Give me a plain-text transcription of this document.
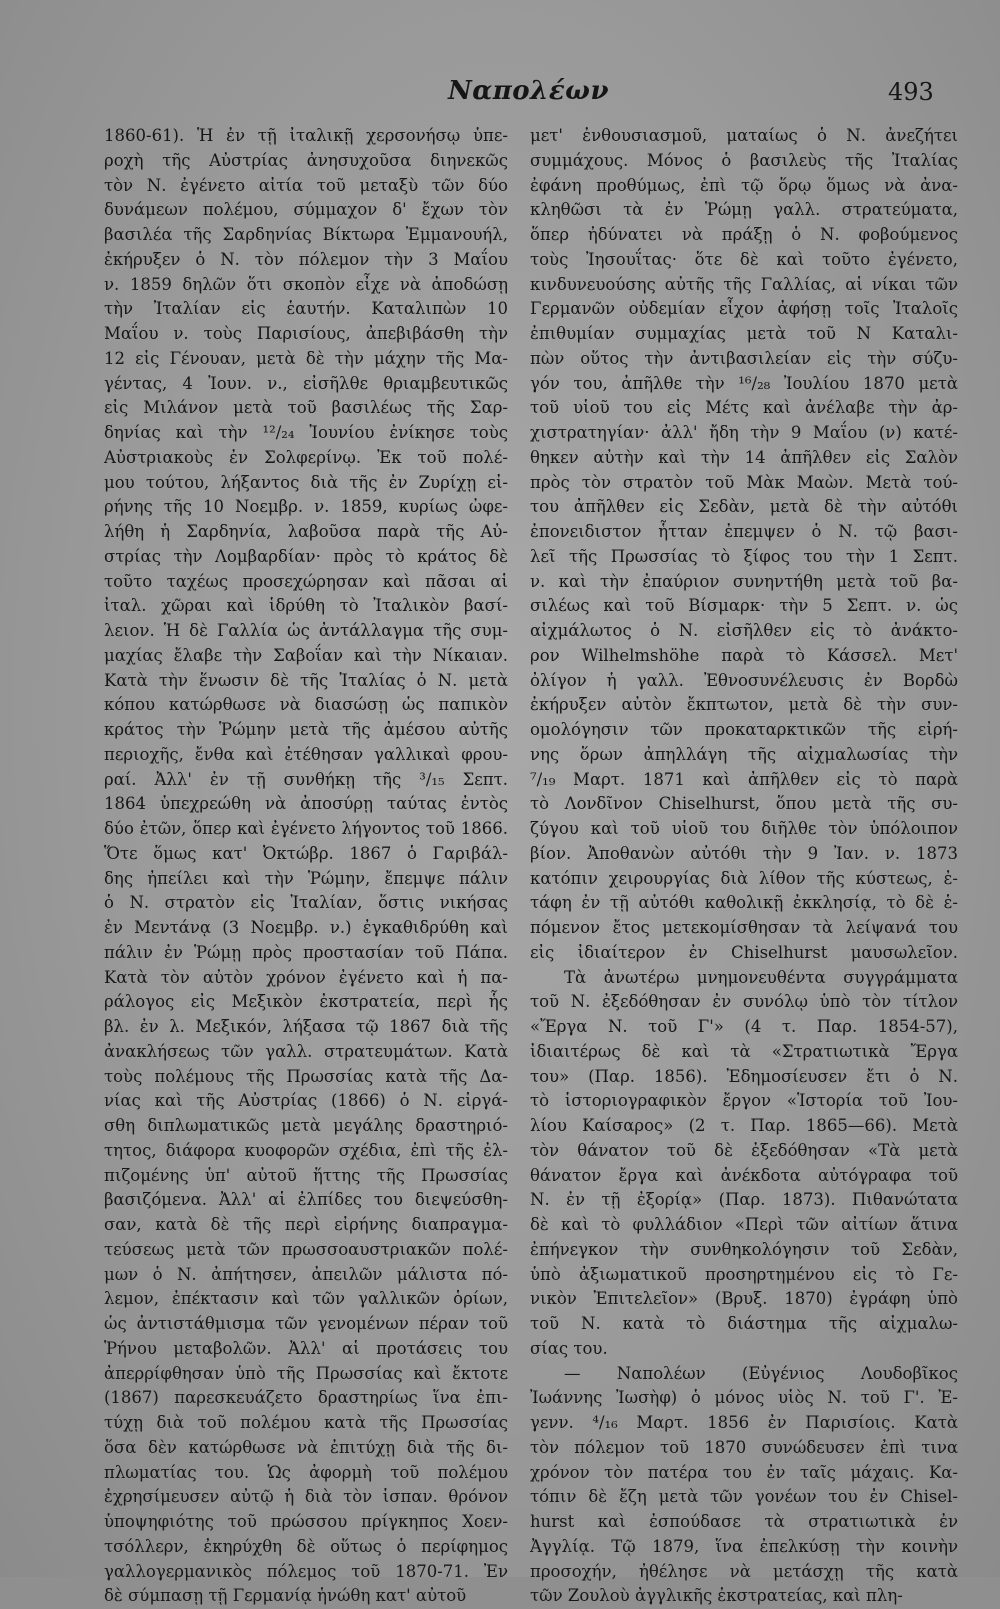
Ναπολέων	493
1860-61). Ἡ ἐν τῇ ἰταλικῇ χερσονήσῳ ὑπε-
ροχὴ τῆς Αὐστρίας ἀνησυχοῦσα διηνεκῶς
τὸν Ν. ἐγένετο αἰτία τοῦ μεταξὺ τῶν δύο
δυνάμεων πολέμου, σύμμαχον δ' ἔχων τὸν
βασιλέα τῆς Σαρδηνίας Βίκτωρα Ἐμμανουήλ,
ἐκήρυξεν ὁ Ν. τὸν πόλεμον τὴν 3 Μαΐου
ν. 1859 δηλῶν ὅτι σκοπὸν εἶχε νὰ ἀποδώσῃ
τὴν Ἰταλίαν εἰς ἑαυτήν. Καταλιπὼν 10
Μαΐου ν. τοὺς Παρισίους, ἀπεβιβάσθη τὴν
12 εἰς Γένουαν, μετὰ δὲ τὴν μάχην τῆς Μα-
γέντας, 4 Ἰουν. ν., εἰσῆλθε θριαμβευτικῶς
εἰς Μιλάνον μετὰ τοῦ βασιλέως τῆς Σαρ-
δηνίας καὶ τὴν ¹²/₂₄ Ἰουνίου ἐνίκησε τοὺς
Αὐστριακοὺς ἐν Σολφερίνῳ. Ἐκ τοῦ πολέ-
μου τούτου, λήξαντος διὰ τῆς ἐν Ζυρίχῃ εἰ-
ρήνης τῆς 10 Νοεμβρ. ν. 1859, κυρίως ὠφε-
λήθη ἡ Σαρδηνία, λαβοῦσα παρὰ τῆς Αὐ-
στρίας τὴν Λομβαρδίαν· πρὸς τὸ κράτος δὲ
τοῦτο ταχέως προσεχώρησαν καὶ πᾶσαι αἱ
ἰταλ. χῶραι καὶ ἱδρύθη τὸ Ἰταλικὸν βασί-
λειον. Ἡ δὲ Γαλλία ὡς ἀντάλλαγμα τῆς συμ-
μαχίας ἔλαβε τὴν Σαβοΐαν καὶ τὴν Νίκαιαν.
Κατὰ τὴν ἕνωσιν δὲ τῆς Ἰταλίας ὁ Ν. μετὰ
κόπου κατώρθωσε νὰ διασώσῃ ὡς παπικὸν
κράτος τὴν Ῥώμην μετὰ τῆς ἀμέσου αὐτῆς
περιοχῆς, ἔνθα καὶ ἐτέθησαν γαλλικαὶ φρου-
ραί. Ἀλλ' ἐν τῇ συνθήκῃ τῆς ³/₁₅ Σεπτ.
1864 ὑπεχρεώθη νὰ ἀποσύρῃ ταύτας ἐντὸς
δύο ἐτῶν, ὅπερ καὶ ἐγένετο λήγοντος τοῦ 1866.
Ὅτε ὅμως κατ' Ὀκτώβρ. 1867 ὁ Γαριβάλ-
δης ἠπείλει καὶ τὴν Ῥώμην, ἔπεμψε πάλιν
ὁ Ν. στρατὸν εἰς Ἰταλίαν, ὅστις νικήσας
ἐν Μεντάνᾳ (3 Νοεμβρ. ν.) ἐγκαθιδρύθη καὶ
πάλιν ἐν Ῥώμῃ πρὸς προστασίαν τοῦ Πάπα.
Κατὰ τὸν αὐτὸν χρόνον ἐγένετο καὶ ἡ πα-
ράλογος εἰς Μεξικὸν ἐκστρατεία, περὶ ἧς
βλ. ἐν λ. Μεξικόν, λήξασα τῷ 1867 διὰ τῆς
ἀνακλήσεως τῶν γαλλ. στρατευμάτων. Κατὰ
τοὺς πολέμους τῆς Πρωσσίας κατὰ τῆς Δα-
νίας καὶ τῆς Αὐστρίας (1866) ὁ Ν. εἰργά-
σθη διπλωματικῶς μετὰ μεγάλης δραστηριό-
τητος, διάφορα κυοφορῶν σχέδια, ἐπὶ τῆς ἐλ-
πιζομένης ὑπ' αὐτοῦ ἥττης τῆς Πρωσσίας
βασιζόμενα. Ἀλλ' αἱ ἐλπίδες του διεψεύσθη-
σαν, κατὰ δὲ τῆς περὶ εἰρήνης διαπραγμα-
τεύσεως μετὰ τῶν πρωσσοαυστριακῶν πολέ-
μων ὁ Ν. ἀπήτησεν, ἀπειλῶν μάλιστα πό-
λεμον, ἐπέκτασιν καὶ τῶν γαλλικῶν ὁρίων,
ὡς ἀντιστάθμισμα τῶν γενομένων πέραν τοῦ
Ῥήνου μεταβολῶν. Ἀλλ' αἱ προτάσεις του
ἀπερρίφθησαν ὑπὸ τῆς Πρωσσίας καὶ ἔκτοτε
(1867) παρεσκευάζετο δραστηρίως ἵνα ἐπι-
τύχῃ διὰ τοῦ πολέμου κατὰ τῆς Πρωσσίας
ὅσα δὲν κατώρθωσε νὰ ἐπιτύχῃ διὰ τῆς δι-
πλωματίας του. Ὡς ἀφορμὴ τοῦ πολέμου
ἐχρησίμευσεν αὐτῷ ἡ διὰ τὸν ἱσπαν. θρόνον
ὑποψηφιότης τοῦ πρώσσου πρίγκηπος Χοεν-
τσόλλερν, ἐκηρύχθη δὲ οὕτως ὁ περίφημος
γαλλογερμανικὸς πόλεμος τοῦ 1870-71. Ἐν
δὲ σύμπασῃ τῇ Γερμανίᾳ ἡνώθη κατ' αὐτοῦ
μετ' ἐνθουσιασμοῦ, ματαίως ὁ Ν. ἀνεζήτει
συμμάχους. Μόνος ὁ βασιλεὺς τῆς Ἰταλίας
ἐφάνη προθύμως, ἐπὶ τῷ ὅρῳ ὅμως νὰ ἀνα-
κληθῶσι τὰ ἐν Ῥώμῃ γαλλ. στρατεύματα,
ὅπερ ἠδύνατει νὰ πράξῃ ὁ Ν. φοβούμενος
τοὺς Ἰησουΐτας· ὅτε δὲ καὶ τοῦτο ἐγένετο,
κινδυνευούσης αὐτῆς τῆς Γαλλίας, αἱ νίκαι τῶν
Γερμανῶν οὐδεμίαν εἶχον ἀφήσῃ τοῖς Ἰταλοῖς
ἐπιθυμίαν συμμαχίας μετὰ τοῦ Ν Καταλι-
πὼν οὕτος τὴν ἀντιβασιλείαν εἰς τὴν σύζυ-
γόν του, ἀπῆλθε τὴν ¹⁶/₂₈ Ἰουλίου 1870 μετὰ
τοῦ υἱοῦ του εἰς Μέτς καὶ ἀνέλαβε τὴν ἀρ-
χιστρατηγίαν· ἀλλ' ἤδη τὴν 9 Μαΐου (ν) κατέ-
θηκεν αὐτὴν καὶ τὴν 14 ἀπῆλθεν εἰς Σαλὸν
πρὸς τὸν στρατὸν τοῦ Μὰκ Μαὼν. Μετὰ τού-
του ἀπῆλθεν εἰς Σεδὰν, μετὰ δὲ τὴν αὐτόθι
ἐπονειδιστον ἧτταν ἐπεμψεν ὁ Ν. τῷ βασι-
λεῖ τῆς Πρωσσίας τὸ ξίφος του τὴν 1 Σεπτ.
ν. καὶ τὴν ἐπαύριον συνηντήθη μετὰ τοῦ βα-
σιλέως καὶ τοῦ Βίσμαρκ· τὴν 5 Σεπτ. ν. ὡς
αἰχμάλωτος ὁ Ν. εἰσῆλθεν εἰς τὸ ἀνάκτο-
ρον Wilhelmshöhe παρὰ τὸ Κάσσελ. Μετ'
ὀλίγον ἡ γαλλ. Ἐθνοσυνέλευσις ἐν Βορδὼ
ἐκήρυξεν αὐτὸν ἔκπτωτον, μετὰ δὲ τὴν συν-
ομολόγησιν τῶν προκαταρκτικῶν τῆς εἰρή-
νης ὅρων ἀπηλλάγη τῆς αἰχμαλωσίας τὴν
⁷/₁₉ Μαρτ. 1871 καὶ ἀπῆλθεν εἰς τὸ παρὰ
τὸ Λονδῖνον Chiselhurst, ὅπου μετὰ τῆς συ-
ζύγου καὶ τοῦ υἱοῦ του διῆλθε τὸν ὑπόλοιπον
βίον. Ἀποθανὼν αὐτόθι τὴν 9 Ἰαν. ν. 1873
κατόπιν χειρουργίας διὰ λίθον τῆς κύστεως, ἐ-
τάφη ἐν τῇ αὐτόθι καθολικῇ ἐκκλησίᾳ, τὸ δὲ ἑ-
πόμενον ἔτος μετεκομίσθησαν τὰ λείψανά του
εἰς ἰδιαίτερον ἐν Chiselhurst μαυσωλεῖον.
Τὰ ἀνωτέρω μνημονευθέντα συγγράμματα
τοῦ Ν. ἐξεδόθησαν ἐν συνόλῳ ὑπὸ τὸν τίτλον
«Ἔργα Ν. τοῦ Γ'» (4 τ. Παρ. 1854-57),
ἰδιαιτέρως δὲ καὶ τὰ «Στρατιωτικὰ Ἔργα
του» (Παρ. 1856). Ἐδημοσίευσεν ἔτι ὁ Ν.
τὸ ἱστοριογραφικὸν ἔργον «Ἱστορία τοῦ Ἰου-
λίου Καίσαρος» (2 τ. Παρ. 1865—66). Μετὰ
τὸν θάνατον τοῦ δὲ ἐξεδόθησαν «Τὰ μετὰ
θάνατον ἔργα καὶ ἀνέκδοτα αὐτόγραφα τοῦ
Ν. ἐν τῇ ἐξορίᾳ» (Παρ. 1873). Πιθανώτατα
δὲ καὶ τὸ φυλλάδιον «Περὶ τῶν αἰτίων ἅτινα
ἐπήνεγκον τὴν συνθηκολόγησιν τοῦ Σεδὰν,
ὑπὸ ἀξιωματικοῦ προσηρτημένου εἰς τὸ Γε-
νικὸν Ἐπιτελεῖον» (Βρυξ. 1870) ἐγράφη ὑπὸ
τοῦ Ν. κατὰ τὸ διάστημα τῆς αἰχμαλω-
σίας του.
— Ναπολέων (Εὐγένιος Λουδοβῖκος
Ἰωάννης Ἰωσὴφ) ὁ μόνος υἱὸς Ν. τοῦ Γ'. Ἐ-
γενν. ⁴/₁₆ Μαρτ. 1856 ἐν Παρισίοις. Κατὰ
τὸν πόλεμον τοῦ 1870 συνώδευσεν ἐπὶ τινα
χρόνον τὸν πατέρα του ἐν ταῖς μάχαις. Κα-
τόπιν δὲ ἔζη μετὰ τῶν γονέων του ἐν Chisel-
hurst καὶ ἐσπούδασε τὰ στρατιωτικὰ ἐν
Ἀγγλίᾳ. Τῷ 1879, ἵνα ἐπελκύσῃ τὴν κοινὴν
προσοχήν, ἠθέλησε νὰ μετάσχῃ τῆς κατὰ
τῶν Ζουλοὺ ἀγγλικῆς ἐκστρατείας, καὶ πλη-
